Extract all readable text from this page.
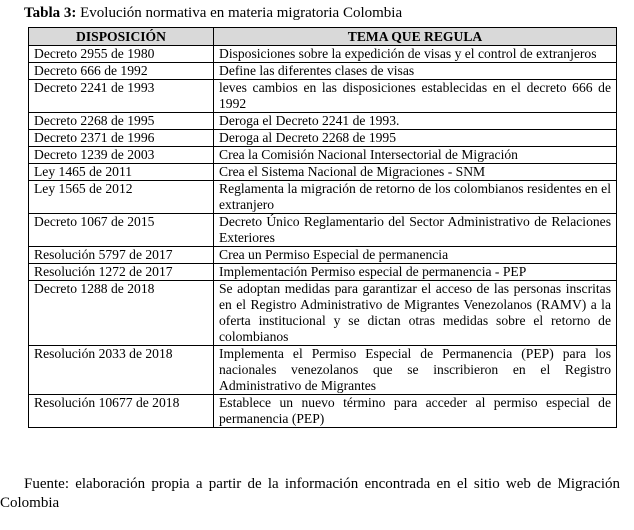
Tabla 3: Evolución normativa en materia migratoria Colombia
DISPOSICIÓN	TEMA QUE REGULA
Decreto 2955 de 1980	Disposiciones sobre la expedición de visas y el control de extranjeros
Decreto 666 de 1992	Define las diferentes clases de visas
Decreto 2241 de 1993	leves cambios en las disposiciones establecidas en el decreto 666 de 1992
Decreto 2268 de 1995	Deroga el Decreto 2241 de 1993.
Decreto 2371 de 1996	Deroga al Decreto 2268 de 1995
Decreto 1239 de 2003	Crea la Comisión Nacional Intersectorial de Migración
Ley 1465 de 2011	Crea el Sistema Nacional de Migraciones - SNM
Ley 1565 de 2012	Reglamenta la migración de retorno de los colombianos residentes en el extranjero
Decreto 1067 de 2015	Decreto Único Reglamentario del Sector Administrativo de Relaciones Exteriores
Resolución 5797 de 2017	Crea un Permiso Especial de permanencia
Resolución 1272 de 2017	Implementación Permiso especial de permanencia - PEP
Decreto 1288 de 2018	Se adoptan medidas para garantizar el acceso de las personas inscritas en el Registro Administrativo de Migrantes Venezolanos (RAMV) a la oferta institucional y se dictan otras medidas sobre el retorno de colombianos
Resolución 2033 de 2018	Implementa el Permiso Especial de Permanencia (PEP) para los nacionales venezolanos que se inscribieron en el Registro Administrativo de Migrantes
Resolución 10677 de 2018	Establece un nuevo término para acceder al permiso especial de permanencia (PEP)
Fuente: elaboración propia a partir de la información encontrada en el sitio web de Migración Colombia
